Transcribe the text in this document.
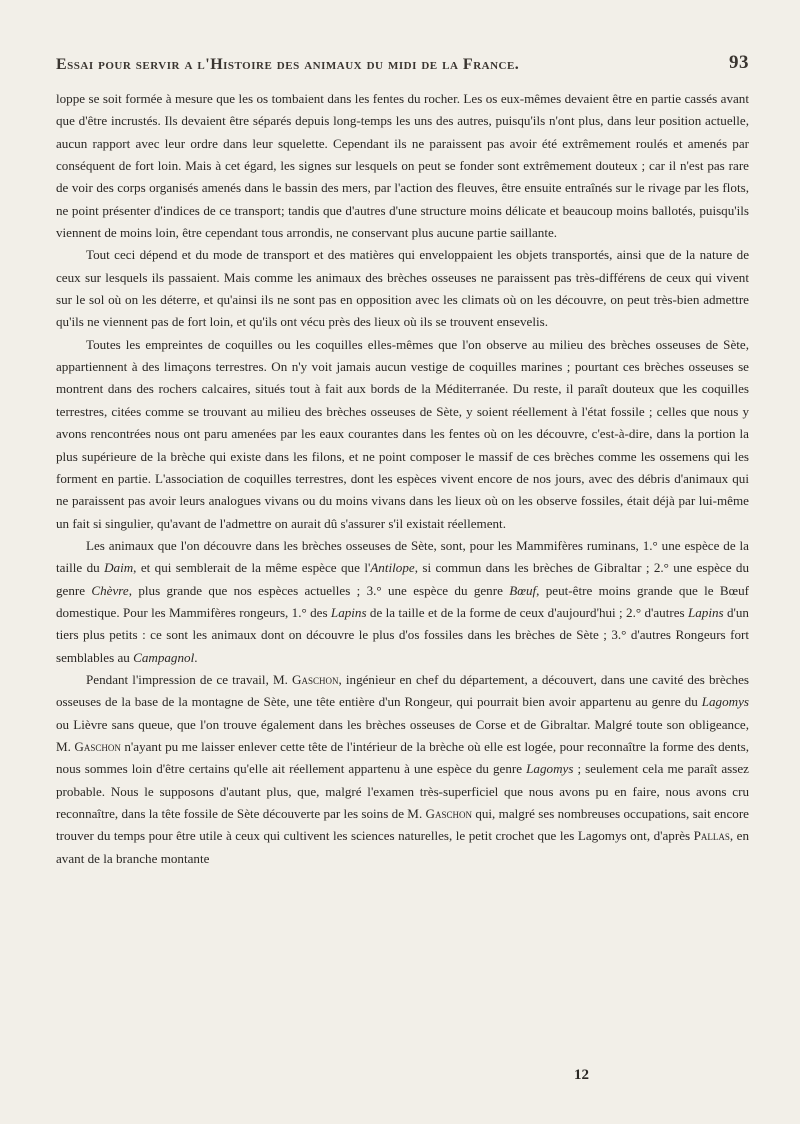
Essai pour servir a l'Histoire des animaux du midi de la France.	93

loppe se soit formée à mesure que les os tombaient dans les fentes du rocher. Les os eux-mêmes devaient être en partie cassés avant que d'être incrustés. Ils devaient être séparés depuis long-temps les uns des autres, puisqu'ils n'ont plus, dans leur position actuelle, aucun rapport avec leur ordre dans leur squelette. Cependant ils ne paraissent pas avoir été extrêmement roulés et amenés par conséquent de fort loin. Mais à cet égard, les signes sur lesquels on peut se fonder sont extrêmement douteux ; car il n'est pas rare de voir des corps organisés amenés dans le bassin des mers, par l'action des fleuves, être ensuite entraînés sur le rivage par les flots, ne point présenter d'indices de ce transport; tandis que d'autres d'une structure moins délicate et beaucoup moins ballotés, puisqu'ils viennent de moins loin, être cependant tous arrondis, ne conservant plus aucune partie saillante.

Tout ceci dépend et du mode de transport et des matières qui enveloppaient les objets transportés, ainsi que de la nature de ceux sur lesquels ils passaient. Mais comme les animaux des brèches osseuses ne paraissent pas très-différens de ceux qui vivent sur le sol où on les déterre, et qu'ainsi ils ne sont pas en opposition avec les climats où on les découvre, on peut très-bien admettre qu'ils ne viennent pas de fort loin, et qu'ils ont vécu près des lieux où ils se trouvent ensevelis.

Toutes les empreintes de coquilles ou les coquilles elles-mêmes que l'on observe au milieu des brèches osseuses de Sète, appartiennent à des limaçons terrestres. On n'y voit jamais aucun vestige de coquilles marines ; pourtant ces brèches osseuses se montrent dans des rochers calcaires, situés tout à fait aux bords de la Méditerranée. Du reste, il paraît douteux que les coquilles terrestres, citées comme se trouvant au milieu des brèches osseuses de Sète, y soient réellement à l'état fossile ; celles que nous y avons rencontrées nous ont paru amenées par les eaux courantes dans les fentes où on les découvre, c'est-à-dire, dans la portion la plus supérieure de la brèche qui existe dans les filons, et ne point composer le massif de ces brèches comme les ossemens qui les forment en partie. L'association de coquilles terrestres, dont les espèces vivent encore de nos jours, avec des débris d'animaux qui ne paraissent pas avoir leurs analogues vivans ou du moins vivans dans les lieux où on les observe fossiles, était déjà par lui-même un fait si singulier, qu'avant de l'admettre on aurait dû s'assurer s'il existait réellement.

Les animaux que l'on découvre dans les brèches osseuses de Sète, sont, pour les Mammifères ruminans, 1.° une espèce de la taille du Daim, et qui semblerait de la même espèce que l'Antilope, si commun dans les brèches de Gibraltar ; 2.° une espèce du genre Chèvre, plus grande que nos espèces actuelles ; 3.° une espèce du genre Bœuf, peut-être moins grande que le Bœuf domestique. Pour les Mammifères rongeurs, 1.° des Lapins de la taille et de la forme de ceux d'aujourd'hui ; 2.° d'autres Lapins d'un tiers plus petits : ce sont les animaux dont on découvre le plus d'os fossiles dans les brèches de Sète ; 3.° d'autres Rongeurs fort semblables au Campagnol.

Pendant l'impression de ce travail, M. Gaschon, ingénieur en chef du département, a découvert, dans une cavité des brèches osseuses de la base de la montagne de Sète, une tête entière d'un Rongeur, qui pourrait bien avoir appartenu au genre du Lagomys ou Lièvre sans queue, que l'on trouve également dans les brèches osseuses de Corse et de Gibraltar. Malgré toute son obligeance, M. Gaschon n'ayant pu me laisser enlever cette tête de l'intérieur de la brèche où elle est logée, pour reconnaître la forme des dents, nous sommes loin d'être certains qu'elle ait réellement appartenu à une espèce du genre Lagomys ; seulement cela me paraît assez probable. Nous le supposons d'autant plus, que, malgré l'examen très-superficiel que nous avons pu en faire, nous avons cru reconnaître, dans la tête fossile de Sète découverte par les soins de M. Gaschon qui, malgré ses nombreuses occupations, sait encore trouver du temps pour être utile à ceux qui cultivent les sciences naturelles, le petit crochet que les Lagomys ont, d'après Pallas, en avant de la branche montante

12
